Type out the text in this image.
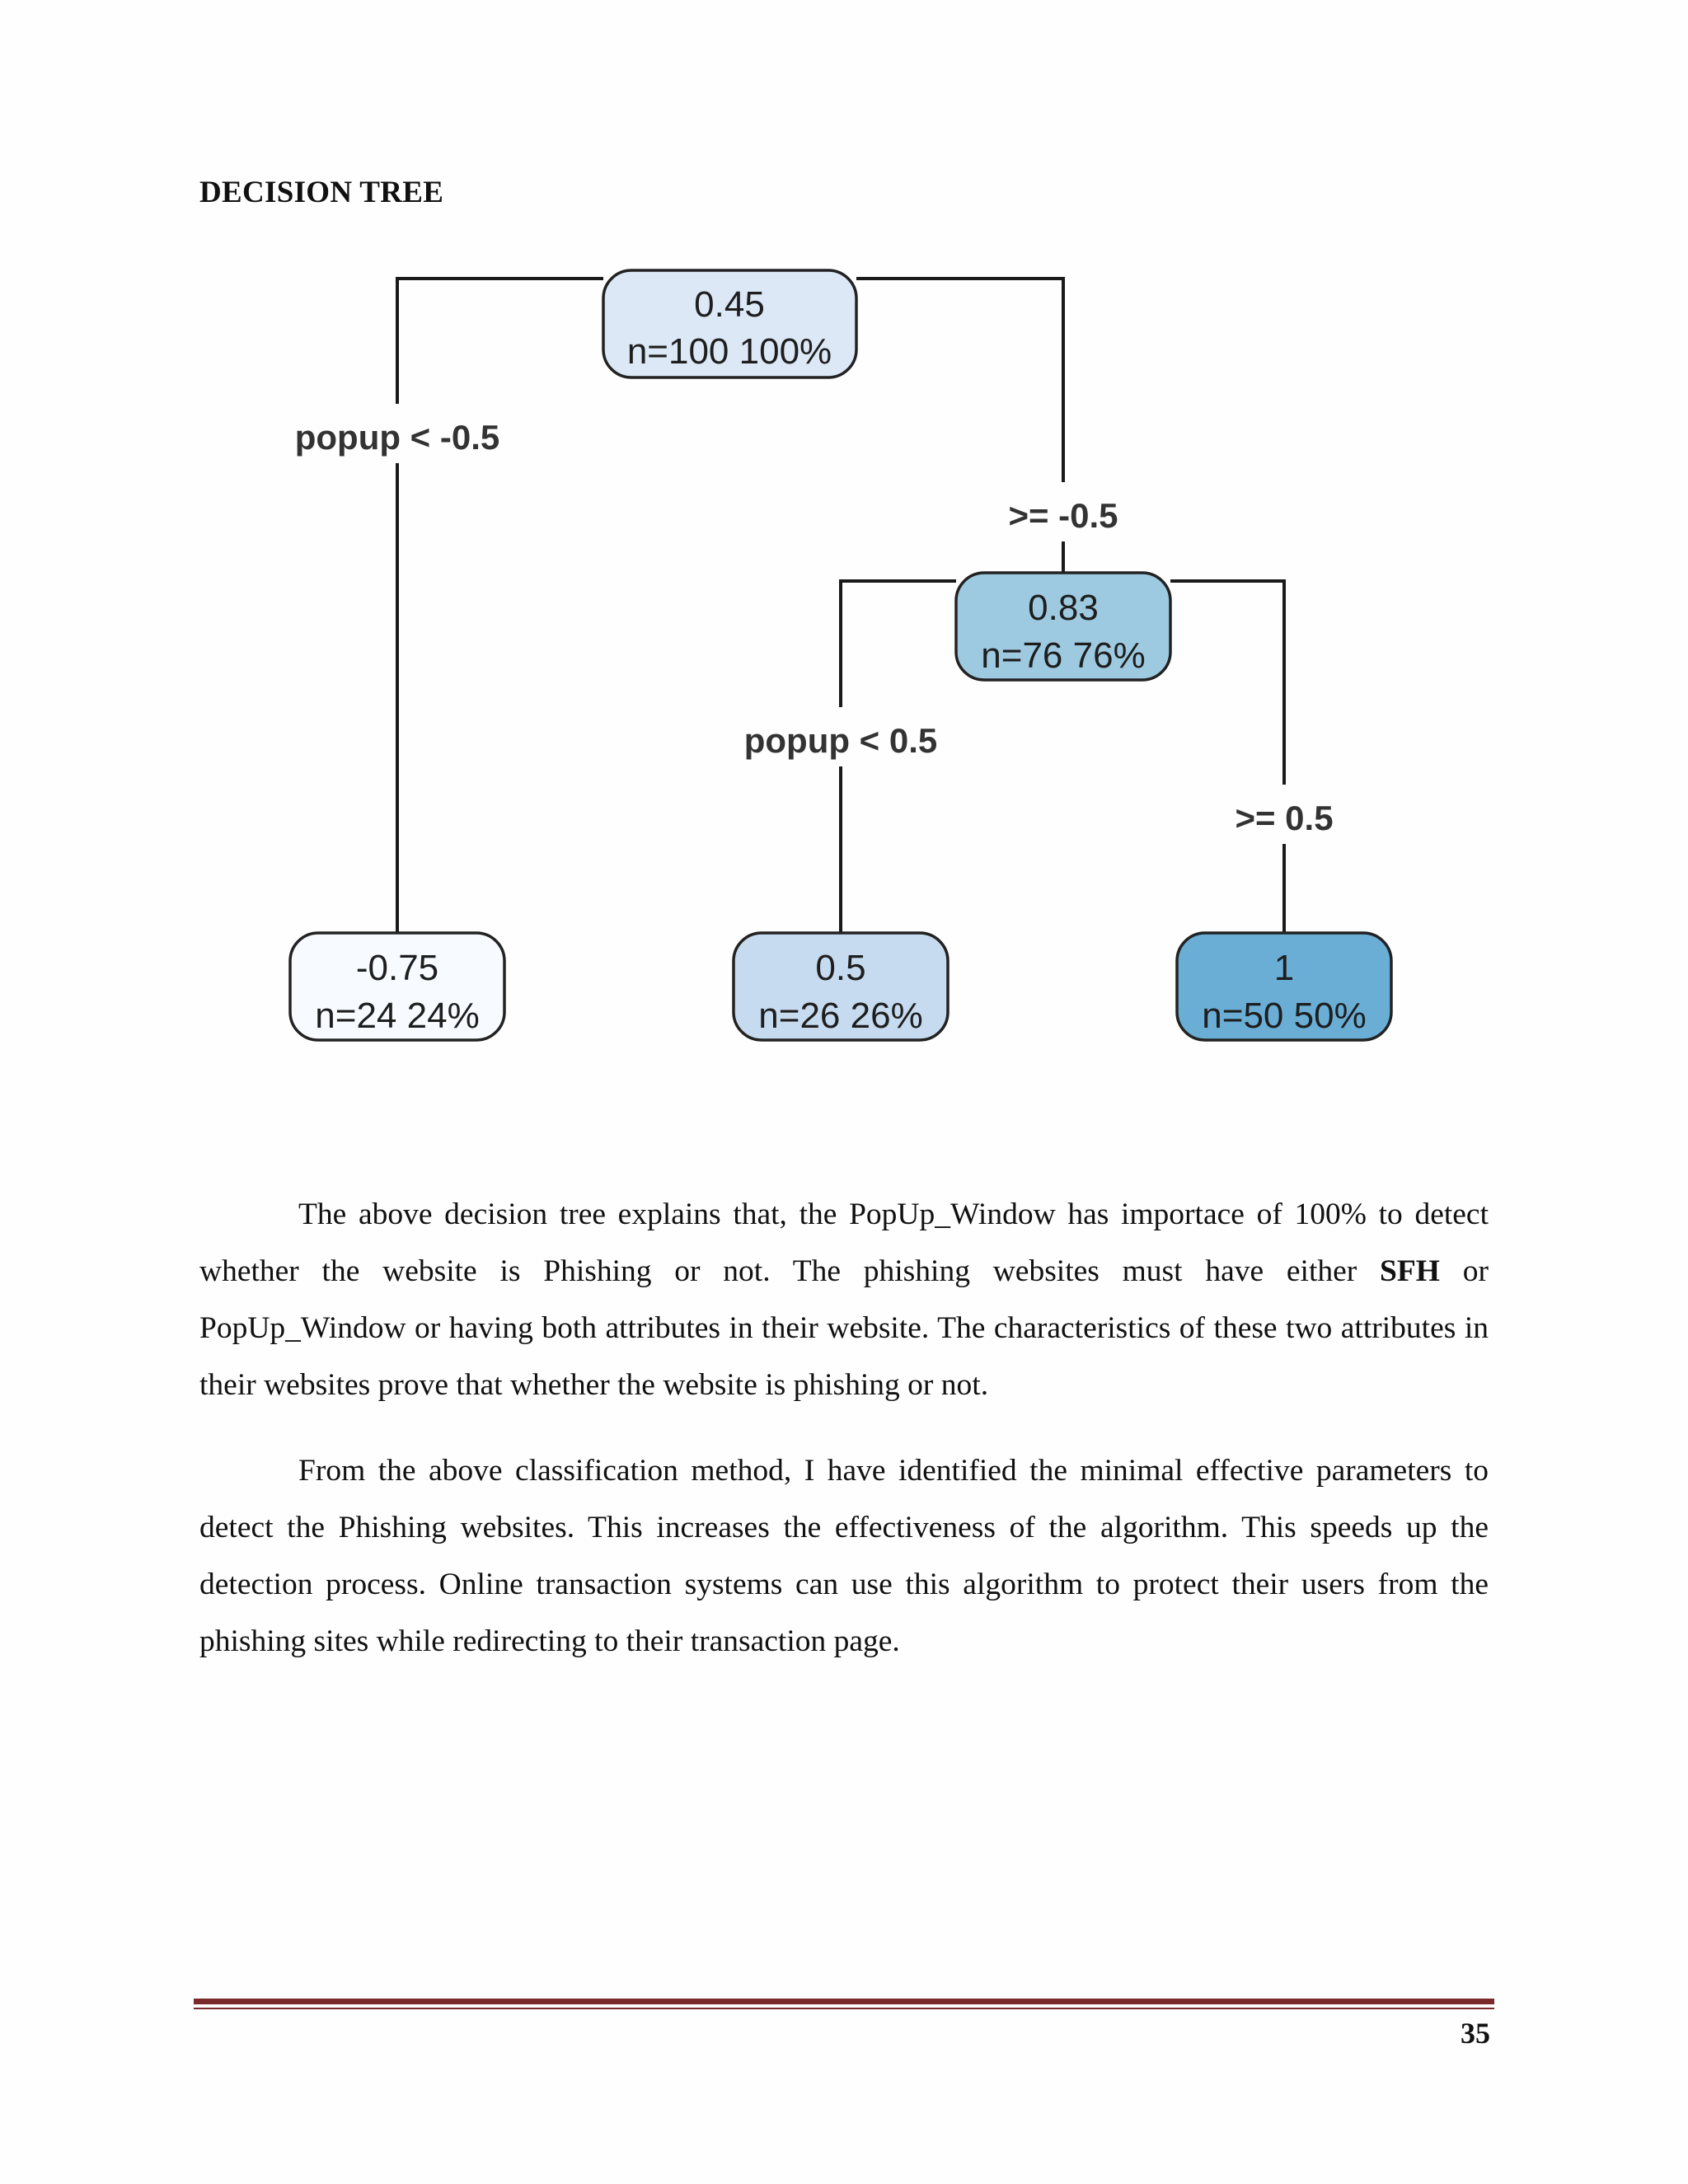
DECISION TREE
popup < -0.5
>= -0.5
popup < 0.5
>= 0.5
0.45
n=100 100%
0.83
n=76 76%
-0.75
n=24 24%
0.5
n=26 26%
1
n=50 50%

The above decision tree explains that, the PopUp_Window has importace of 100% to detect whether the website is Phishing or not. The phishing websites must have either SFH or PopUp_Window or having both attributes in their website. The characteristics of these two attributes in their websites prove that whether the website is phishing or not.

From the above classification method, I have identified the minimal effective parameters to detect the Phishing websites. This increases the effectiveness of the algorithm. This speeds up the detection process. Online transaction systems can use this algorithm to protect their users from the phishing sites while redirecting to their transaction page.

35
